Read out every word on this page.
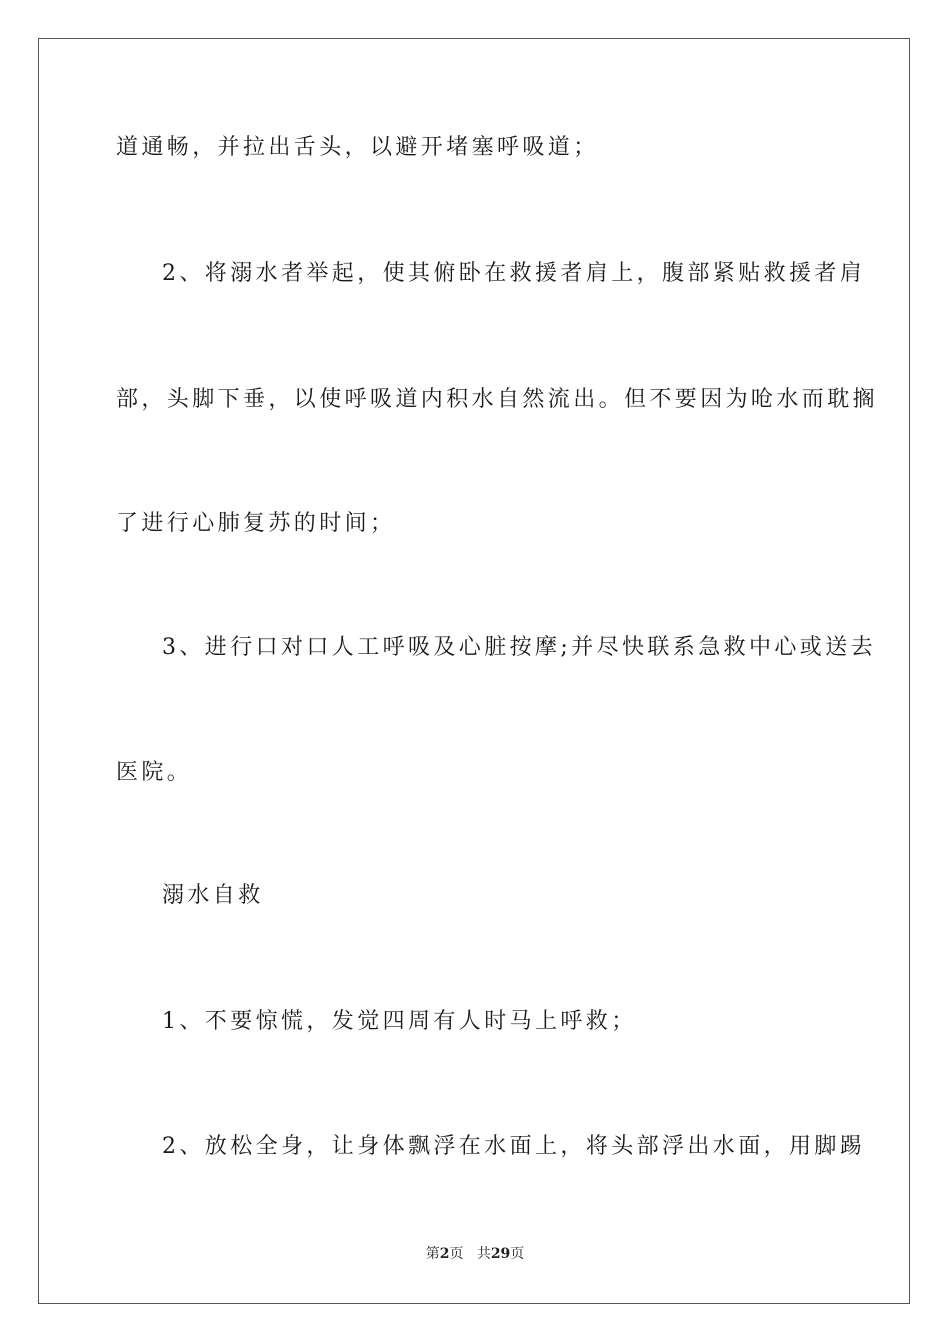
道通畅，并拉出舌头，以避开堵塞呼吸道；
2、将溺水者举起，使其俯卧在救援者肩上，腹部紧贴救援者肩
部，头脚下垂，以使呼吸道内积水自然流出。但不要因为呛水而耽搁
了进行心肺复苏的时间；
3、进行口对口人工呼吸及心脏按摩;并尽快联系急救中心或送去
医院。
溺水自救
1、不要惊慌，发觉四周有人时马上呼救；
2、放松全身，让身体飘浮在水面上，将头部浮出水面，用脚踢
第2页 共29页
